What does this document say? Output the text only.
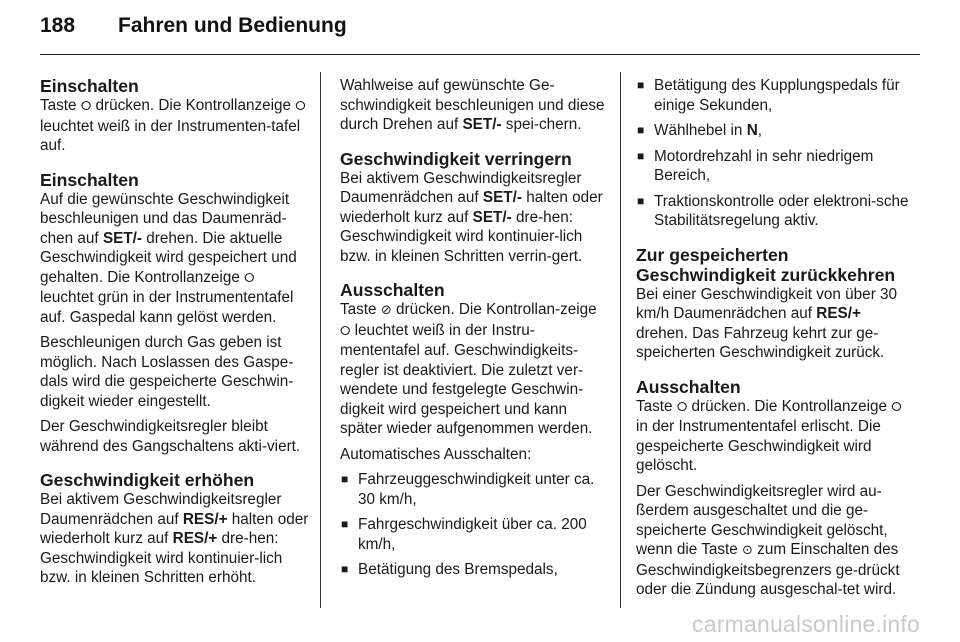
188 Fahren und Bedienung
Einschalten

Taste ⭘ drücken. Die Kontrollanzeige ⭘ leuchtet weiß in der Instrumenten-tafel auf.

Einschalten

Auf die gewünschte Geschwindigkeit beschleunigen und das Daumenräd-chen auf SET/- drehen. Die aktuelle Geschwindigkeit wird gespeichert und gehalten. Die Kontrollanzeige ⭘ leuchtet grün in der Instrumententafel auf. Gaspedal kann gelöst werden.

Beschleunigen durch Gas geben ist möglich. Nach Loslassen des Gaspe-dals wird die gespeicherte Geschwin-digkeit wieder eingestellt.

Der Geschwindigkeitsregler bleibt während des Gangschaltens akti-viert.

Geschwindigkeit erhöhen

Bei aktivem Geschwindigkeitsregler Daumenrädchen auf RES/+ halten oder wiederholt kurz auf RES/+ dre-hen: Geschwindigkeit wird kontinuier-lich bzw. in kleinen Schritten erhöht.

Wahlweise auf gewünschte Ge-schwindigkeit beschleunigen und diese durch Drehen auf SET/- spei-chern.

Geschwindigkeit verringern

Bei aktivem Geschwindigkeitsregler Daumenrädchen auf SET/- halten oder wiederholt kurz auf SET/- dre-hen: Geschwindigkeit wird kontinuier-lich bzw. in kleinen Schritten verrin-gert.

Ausschalten

Taste ⊘ drücken. Die Kontrollan-zeige ⭘ leuchtet weiß in der Instru-mententafel auf. Geschwindigkeits-regler ist deaktiviert. Die zuletzt ver-wendete und festgelegte Geschwin-digkeit wird gespeichert und kann später wieder aufgenommen werden.

Automatisches Ausschalten:

■ Fahrzeuggeschwindigkeit unter ca. 30 km/h,
■ Fahrgeschwindigkeit über ca. 200 km/h,
■ Betätigung des Bremspedals,
■ Betätigung des Kupplungspedals für einige Sekunden,
■ Wählhebel in N,
■ Motordrehzahl in sehr niedrigem Bereich,
■ Traktionskontrolle oder elektroni-sche Stabilitätsregelung aktiv.
Zur gespeicherten Geschwindigkeit zurückkehren

Bei einer Geschwindigkeit von über 30 km/h Daumenrädchen auf RES/+ drehen. Das Fahrzeug kehrt zur ge-speicherten Geschwindigkeit zurück.

Ausschalten

Taste ⭘ drücken. Die Kontrollanzeige ⭘ in der Instrumententafel erlischt. Die gespeicherte Geschwindigkeit wird gelöscht.

Der Geschwindigkeitsregler wird au-ßerdem ausgeschaltet und die ge-speicherte Geschwindigkeit gelöscht, wenn die Taste ⊙ zum Einschalten des Geschwindigkeitsbegrenzers ge-drückt oder die Zündung ausgeschal-tet wird.

carmanualsonline.info
